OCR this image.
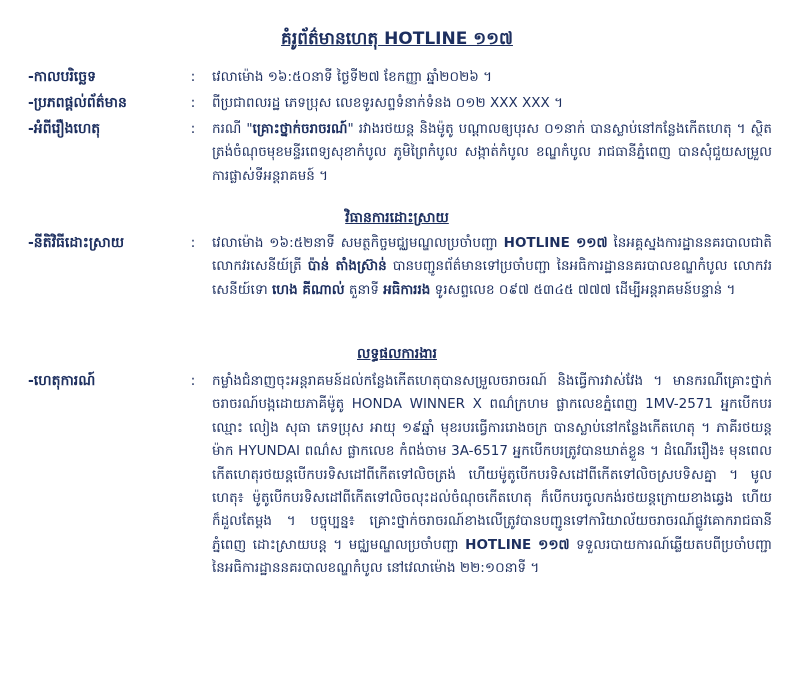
គំរូព័ត៌មានហេតុ HOTLINE ១១៧
-កាលបរិច្ឆេទ	:	វេលាម៉ោង ១៦:៥០នាទី ថ្ងៃទី២៧ ខែកញ្ញា ឆ្នាំ២០២៦ ។
-ប្រភពផ្តល់ព័ត៌មាន	:	ពីប្រជាពលរដ្ឋ ភេទប្រុស លេខទូរសព្ទទំនាក់ទំនង ០១២ XXX XXX ។
-អំពីរឿងហេតុ	:	ករណី "គ្រោះថ្នាក់ចរាចរណ៍" រវាងរថយន្ត និងម៉ូតូ បណ្តាលឲ្យបុរស ០១នាក់ បានស្លាប់នៅកន្លែងកើតហេតុ ។ ស្ថិតត្រង់ចំណុចមុខមន្ទីរពេទ្យសុខាកំបូល ភូមិព្រៃកំបូល សង្កាត់កំបូល ខណ្ឌកំបូល រាជធានីភ្នំពេញ បានសុំជួយសម្រួលការផ្លាស់ទីអន្តរាគមន៍ ។
វិធានការដោះស្រាយ
-នីតិវិធីដោះស្រាយ	:	វេលាម៉ោង ១៦:៥២នាទី សមត្ថកិច្ចមជ្ឈមណ្ឌលប្រចាំបញ្ជា HOTLINE ១១៧ នៃអគ្គស្នងការដ្ឋាននគរបាលជាតិ លោកវរសេនីយ៍ត្រី ប៉ាន់ តាំងស្រ៊ាន់ បានបញ្ជូនព័ត៌មានទៅប្រចាំបញ្ជា នៃអធិការដ្ឋាននគរបាលខណ្ឌកំបូល លោកវរសេនីយ៍ទោ ហេង គីណាល់ តួនាទី អធិការរង ទូរសព្ទលេខ ០៩៧ ៥៣៤៥ ៧៧៧ ដើម្បីអន្តរាគមន៍បន្ទាន់ ។
លទ្ធផលការងារ
-ហេតុការណ៍	:	កម្លាំងជំនាញចុះអន្តរាគមន៍ដល់កន្លែងកើតហេតុបានសម្រួលចរាចរណ៍ និងធ្វើការវាស់វែង ។ មានករណីគ្រោះថ្នាក់ចរាចរណ៍បង្កដោយភាគីម៉ូតូ HONDA WINNER X ពណ៌ក្រហម ផ្លាកលេខភ្នំពេញ 1MV-2571 អ្នកបើកបរឈ្មោះ លៀង សុធា ភេទប្រុស អាយុ ១៩ឆ្នាំ មុខរបរធ្វើការរោងចក្រ បានស្លាប់នៅកន្លែងកើតហេតុ ។ ភាគីរថយន្តម៉ាក HYUNDAI ពណ៌ស ផ្លាកលេខ កំពង់ចាម 3A-6517 អ្នកបើកបរត្រូវបានឃាត់ខ្លួន ។ ដំណើររឿង៖ មុនពេលកើតហេតុរថយន្តបើកបរទិសដៅពីកើតទៅលិចត្រង់ ហើយម៉ូតូបើកបរទិសដៅពីកើតទៅលិចស្របទិសគ្នា ។ មូលហេតុ៖ ម៉ូតូបើកបរទិសដៅពីកើតទៅលិចលុះដល់ចំណុចកើតហេតុ ក៏បើកបរចូលកង់រថយន្តក្រោយខាងឆ្វេង ហើយក៏ដួលតែម្តង ។ បច្ចុប្បន្ន៖ គ្រោះថ្នាក់ចរាចរណ៍ខាងលើត្រូវបានបញ្ជូនទៅការិយាល័យចរាចរណ៍ផ្លូវគោករាជធានីភ្នំពេញ ដោះស្រាយបន្ត ។ មជ្ឈមណ្ឌលប្រចាំបញ្ជា HOTLINE ១១៧ ទទួលរបាយការណ៍ឆ្លើយតបពីប្រចាំបញ្ជា នៃអធិការដ្ឋាននគរបាលខណ្ឌកំបូល នៅវេលាម៉ោង ២២:១០នាទី ។
